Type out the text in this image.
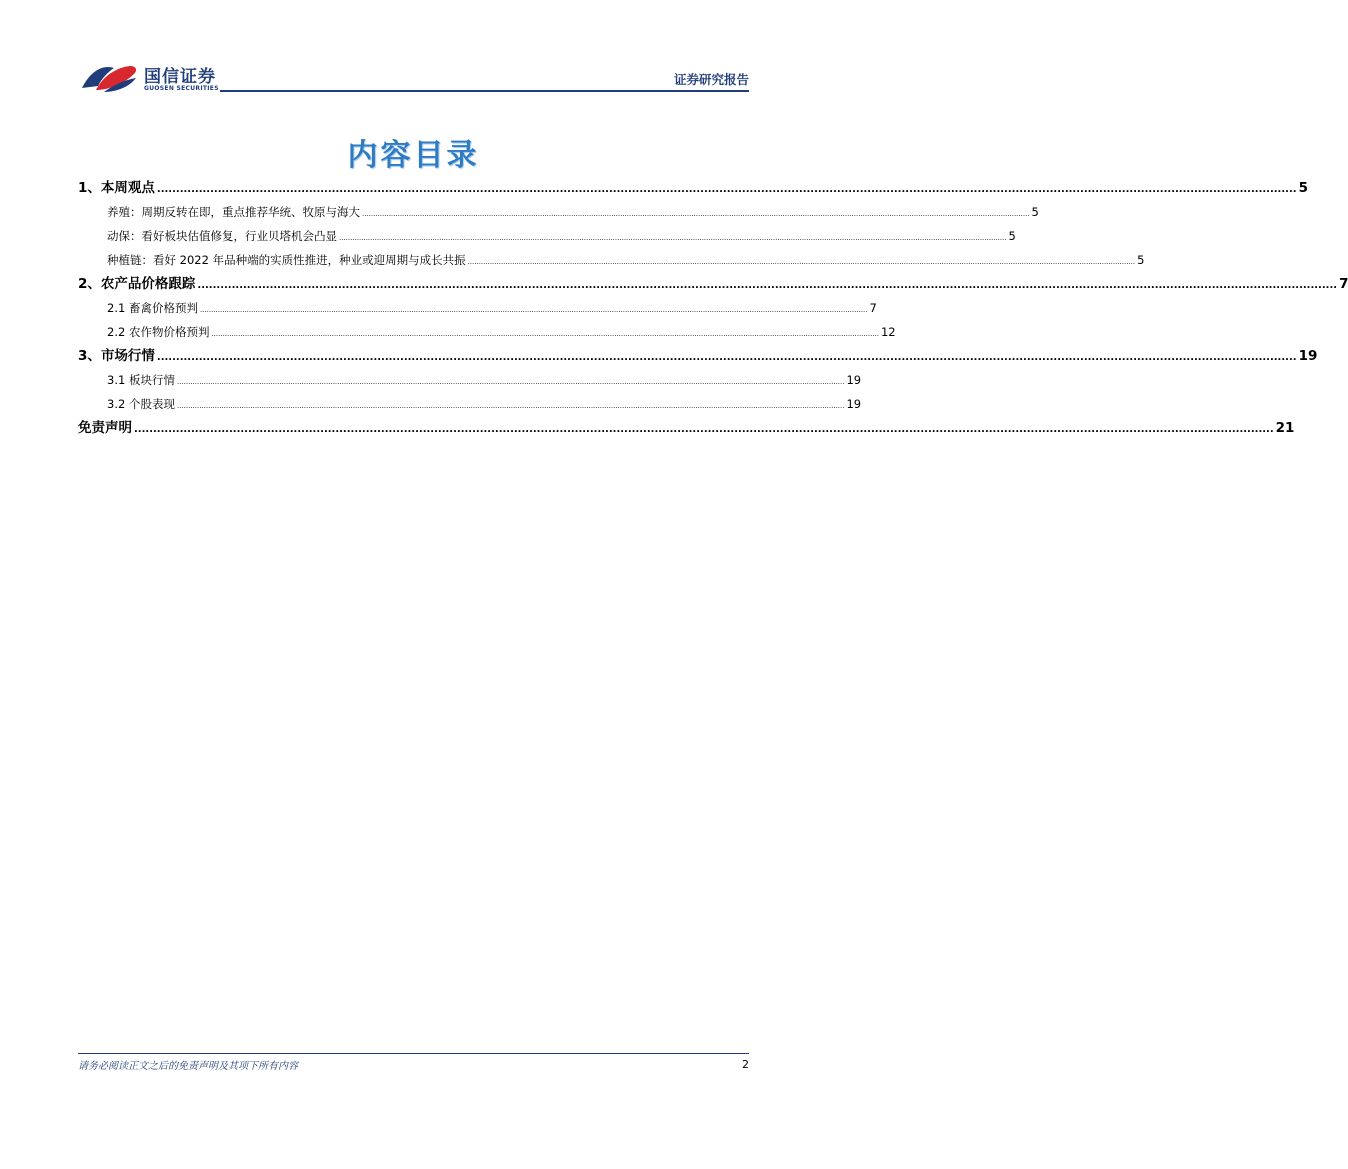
国信证券
GUOSEN SECURITIES
证券研究报告
内容目录
1、本周观点 ............................................................................................................................................................................................................................................................................................................ 5
养殖：周期反转在即，重点推荐华统、牧原与海大 ............................................................................................................................................................................................................................................................................................................ 5
动保：看好板块估值修复，行业贝塔机会凸显 ............................................................................................................................................................................................................................................................................................................ 5
种植链：看好 2022 年品种端的实质性推进，种业或迎周期与成长共振 ............................................................................................................................................................................................................................................................................................................ 5
2、农产品价格跟踪 ............................................................................................................................................................................................................................................................................................................ 7
2.1 畜禽价格预判 ............................................................................................................................................................................................................................................................................................................ 7
2.2 农作物价格预判 ............................................................................................................................................................................................................................................................................................................ 12
3、市场行情 ............................................................................................................................................................................................................................................................................................................ 19
3.1 板块行情 ............................................................................................................................................................................................................................................................................................................ 19
3.2 个股表现 ............................................................................................................................................................................................................................................................................................................ 19
免责声明 ............................................................................................................................................................................................................................................................................................................ 21
请务必阅读正文之后的免责声明及其项下所有内容	2
